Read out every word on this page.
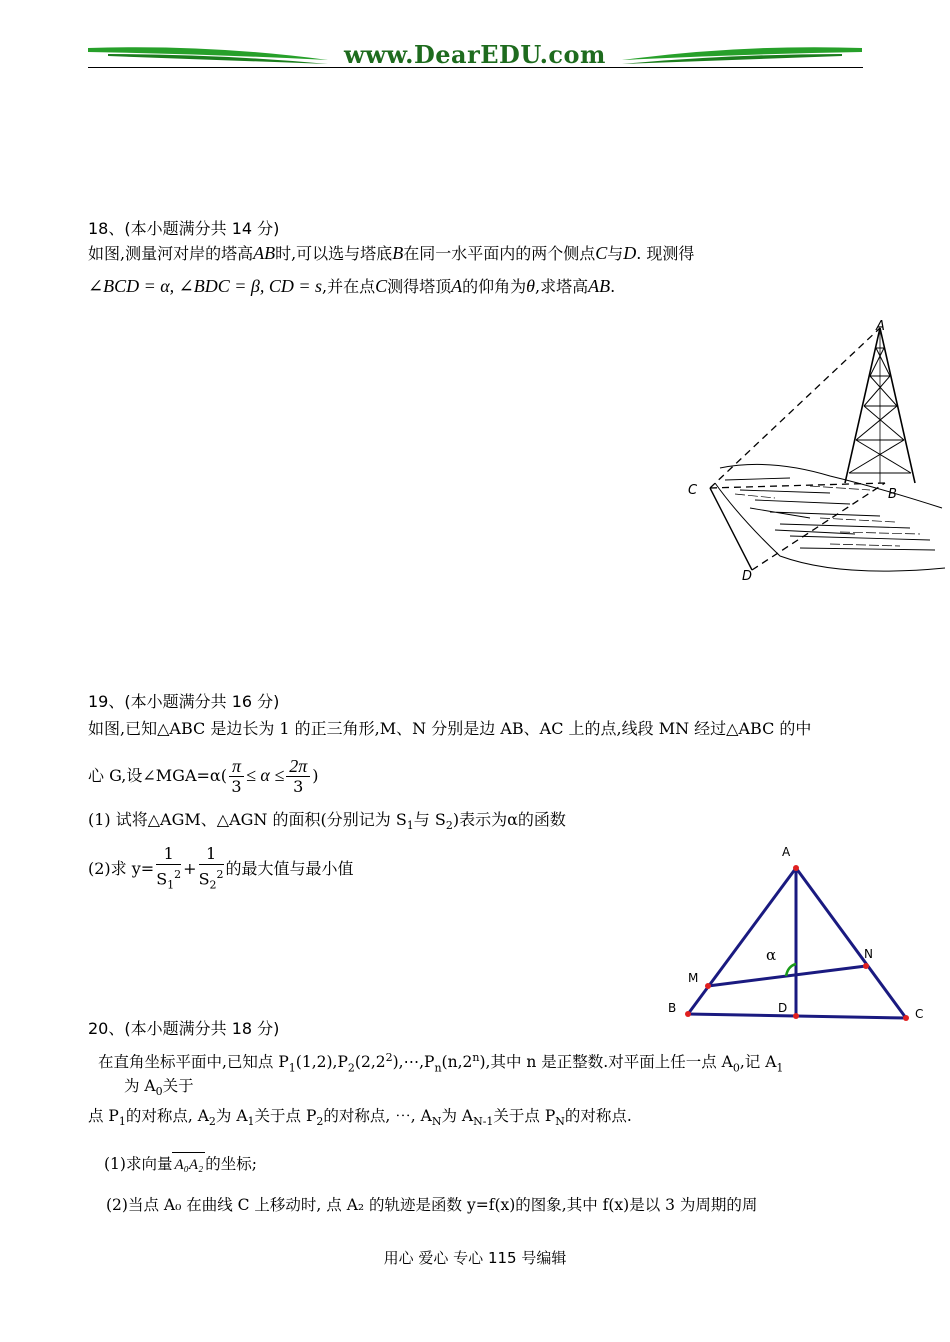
www.DearEDU.com
18、(本小题满分共 14 分)
如图,测量河对岸的塔高AB时,可以选与塔底B在同一水平面内的两个侧点C与D. 现测得
∠BCD = α, ∠BDC = β, CD = s,并在点C测得塔顶A的仰角为θ,求塔高AB.
A
B
C
D
19、(本小题满分共 16 分)
如图,已知△ABC 是边长为 1 的正三角形,M、N 分别是边 AB、AC 上的点,线段 MN 经过△ABC 的中
心 G,设∠MGA=α( $\frac{\pi}{3} \le \alpha \le \frac{2\pi}{3}$ )
(1) 试将△AGM、△AGN 的面积(分别记为 $S_1$与 $S_2$)表示为α的函数
(2)求 $y= \frac{1}{S_1^2} + \frac{1}{S_2^2}$ 的最大值与最小值
A
B	C
D
M
N
α
20、(本小题满分共 18 分)
在直角坐标平面中,已知点 $P_1(1,2),P_2(2,2^2),\cdots,P_n(n,2^n)$,其中 n 是正整数.对平面上任一点 $A_0$,记 $A_1$
为 $A_0$关于
点 $P_1$的对称点, $A_2$为 $A_1$关于点 $P_2$的对称点, ⋯, $A_N$为 $A_{N-1}$关于点 $P_N$的对称点.
(1)求向量 A₀A₂ 的坐标;
(2)当点 A₀ 在曲线 C 上移动时, 点 A₂ 的轨迹是函数 y=f(x)的图象,其中 f(x)是以 3 为周期的周
用心 爱心 专心 115 号编辑
